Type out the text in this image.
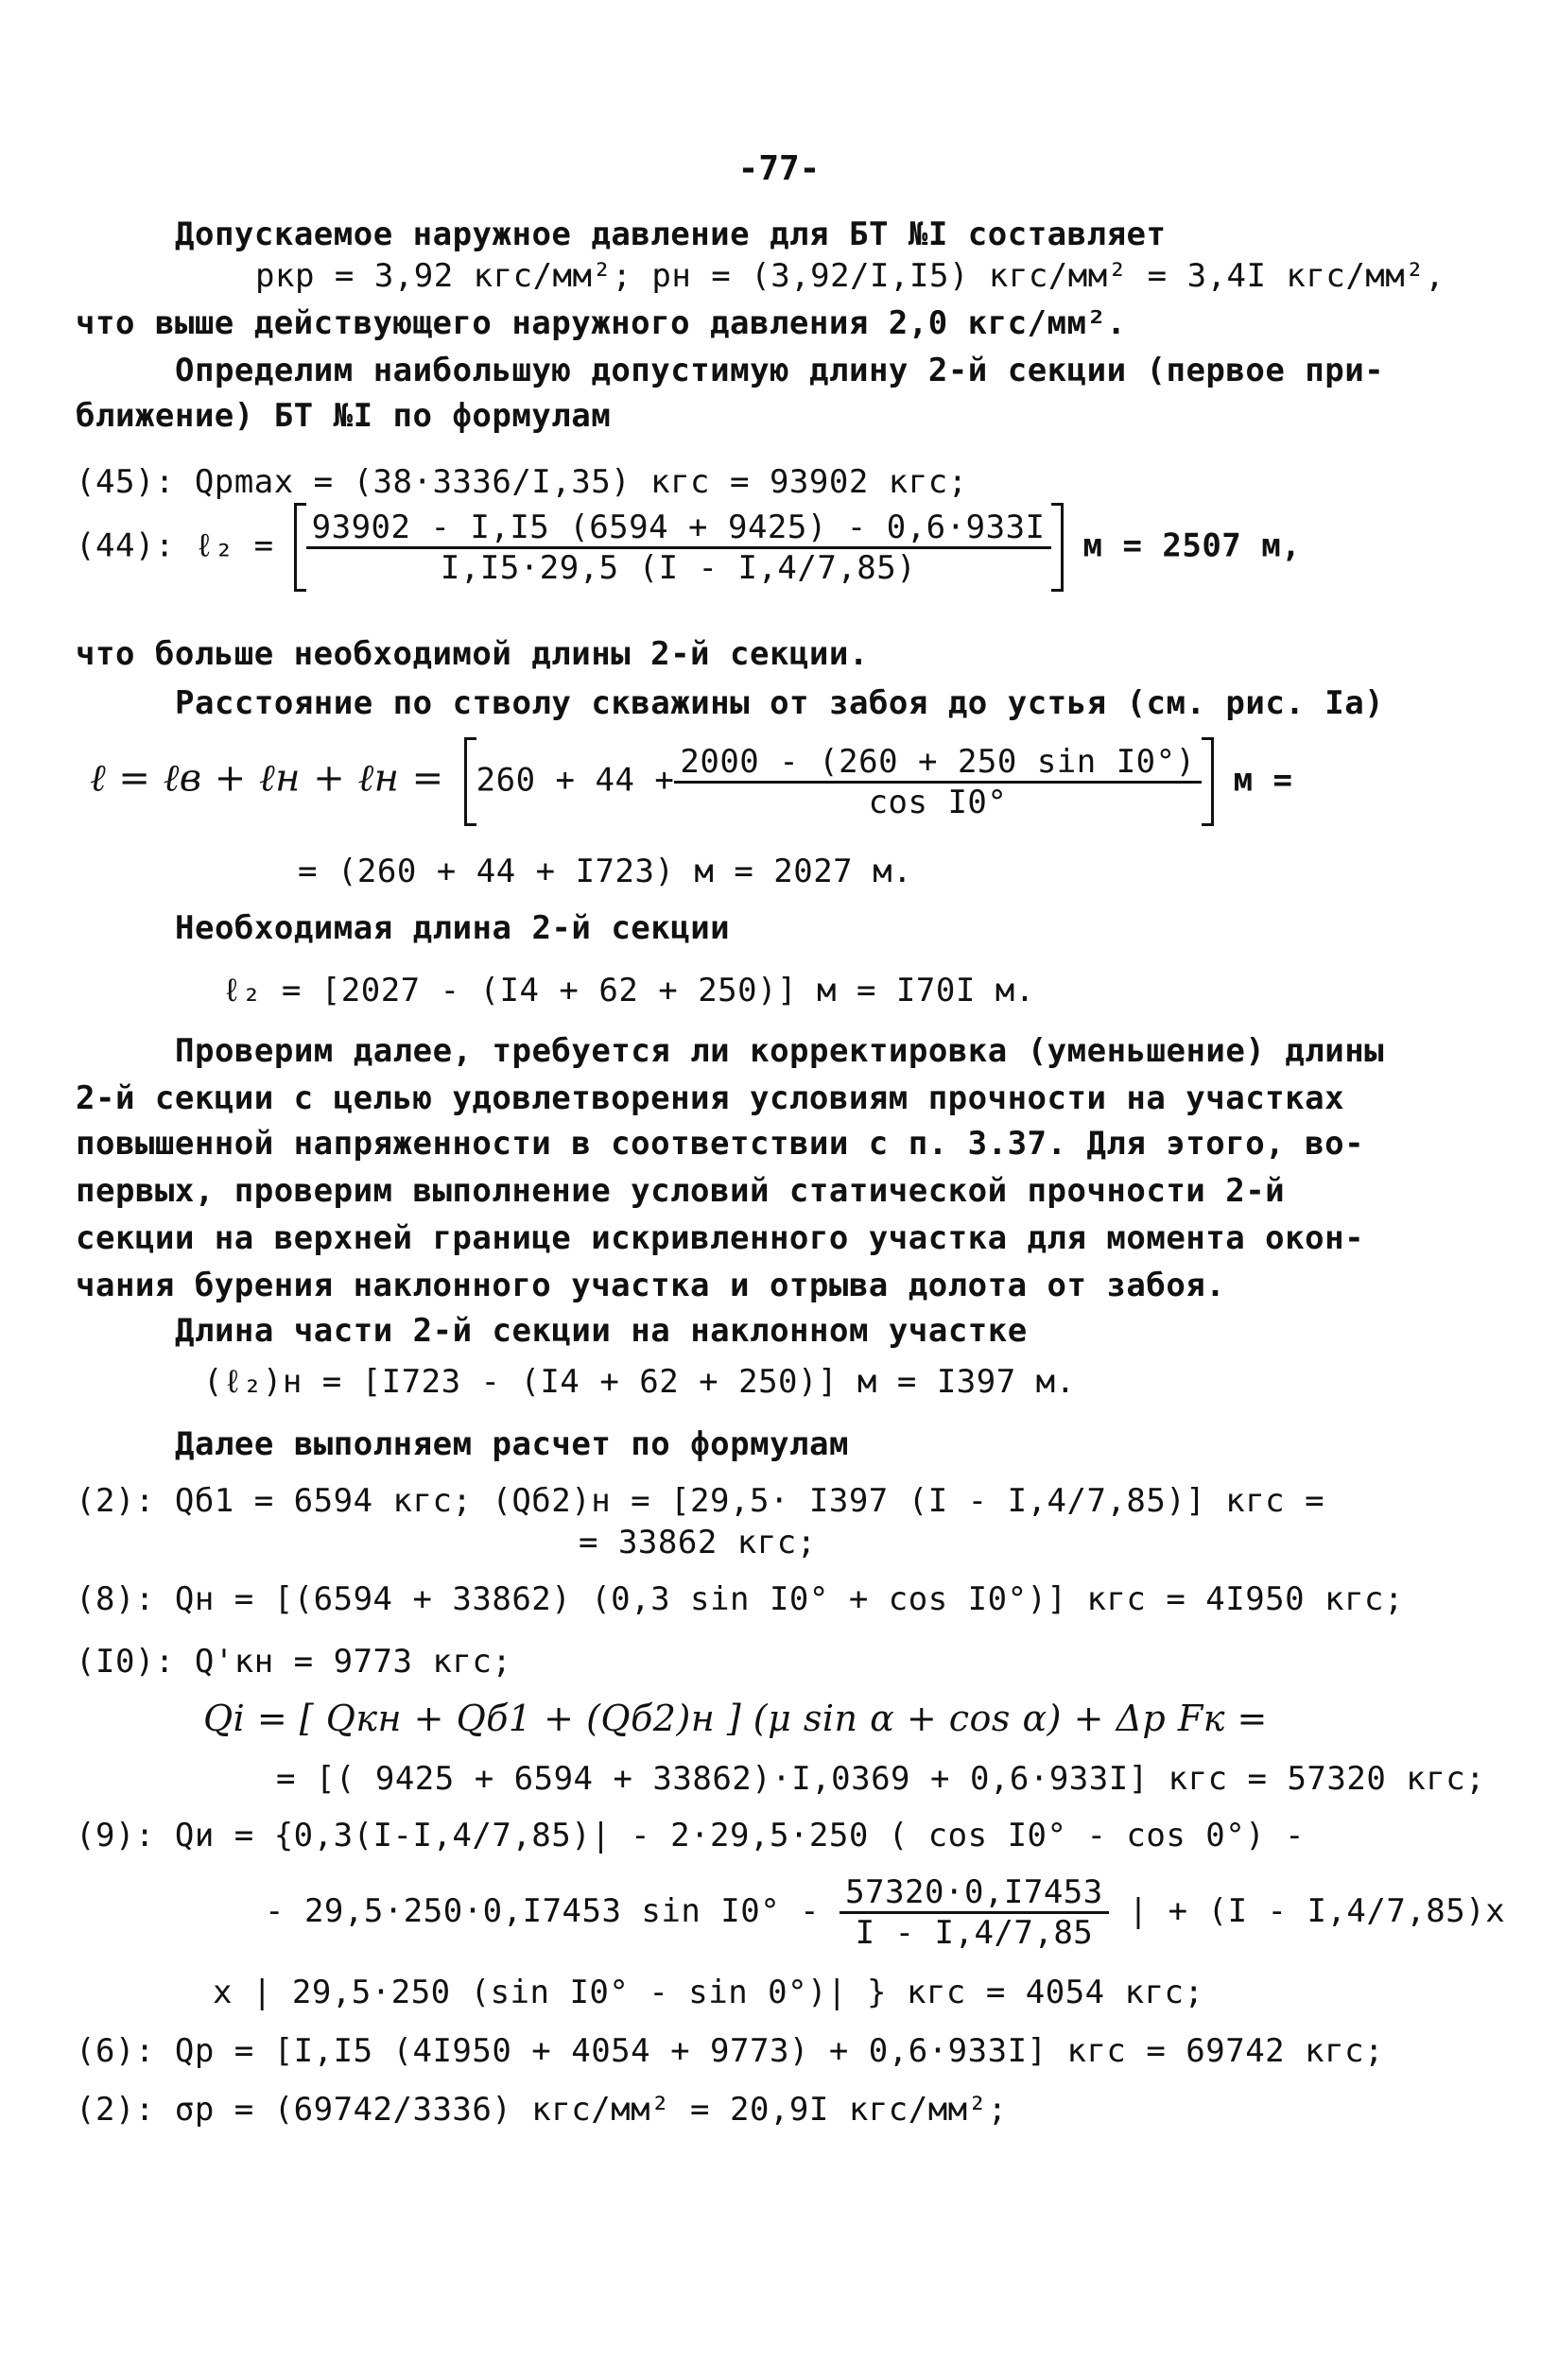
-77-
Допускаемое наружное давление для БТ №I составляет
pкр = 3,92 кгс/мм²; pн = (3,92/I,I5) кгс/мм² = 3,4I кгс/мм²,
что выше действующего наружного давления 2,0 кгс/мм².
Определим наибольшую допустимую длину 2-й секции (первое при-
ближение) БТ №I по формулам
(45): Qрmax = (38·3336/I,35) кгс = 93902 кгс;
(44): ℓ₂ = $\frac{93902 - I,I5 (6594 + 9425) - 0,6\cdot 933I}{I,I5\cdot 29,5 (I - I,4/7,85)}$ м = 2507 м,
что больше необходимой длины 2-й секции.
Расстояние по стволу скважины от забоя до устья (см. рис. Iа)
ℓ = ℓв + ℓн + ℓн = $260 + 44 + \frac{\text{2000 - (260 + 250 sin I0°)}}{\text{cos I0°}}$ м =
= (260 + 44 + I723) м = 2027 м.
Необходимая длина 2-й секции
ℓ₂ = [2027 - (I4 + 62 + 250)] м = I70I м.
Проверим далее, требуется ли корректировка (уменьшение) длины
2-й секции с целью удовлетворения условиям прочности на участках
повышенной напряженности в соответствии с п. 3.37. Для этого, во-
первых, проверим выполнение условий статической прочности 2-й
секции на верхней границе искривленного участка для момента окон-
чания бурения наклонного участка и отрыва долота от забоя.
Длина части 2-й секции на наклонном участке
(ℓ₂)н = [I723 - (I4 + 62 + 250)] м = I397 м.
Далее выполняем расчет по формулам
(2): Qб1 = 6594 кгс; (Qб2)н = [29,5· I397 (I - I,4/7,85)] кгс =
= 33862 кгс;
(8): Qн = [(6594 + 33862) (0,3 sin I0° + cos I0°)] кгс = 4I950 кгс;
(I0): Q'кн = 9773 кгс;
Qi = [ Qкн + Qб1 + (Qб2)н ] (μ sin α + cos α) + Δp Fк =
= [( 9425 + 6594 + 33862)·I,0369 + 0,6·933I] кгс = 57320 кгс;
(9): Qи = {0,3(I-I,4/7,85)| - 2·29,5·250 ( cos I0° - cos 0°) -
- 29,5·250·0,I7453 $\sin I0^\circ - \frac{57320\cdot 0,I7453}{I - I,4/7,85}$ | + (I - I,4/7,85)x
x | 29,5·250 (sin I0° - sin 0°)| } кгс = 4054 кгс;
(6): Qр = [I,I5 (4I950 + 4054 + 9773) + 0,6·933I] кгс = 69742 кгс;
(2): σр = (69742/3336) кгс/мм² = 20,9I кгс/мм²;
